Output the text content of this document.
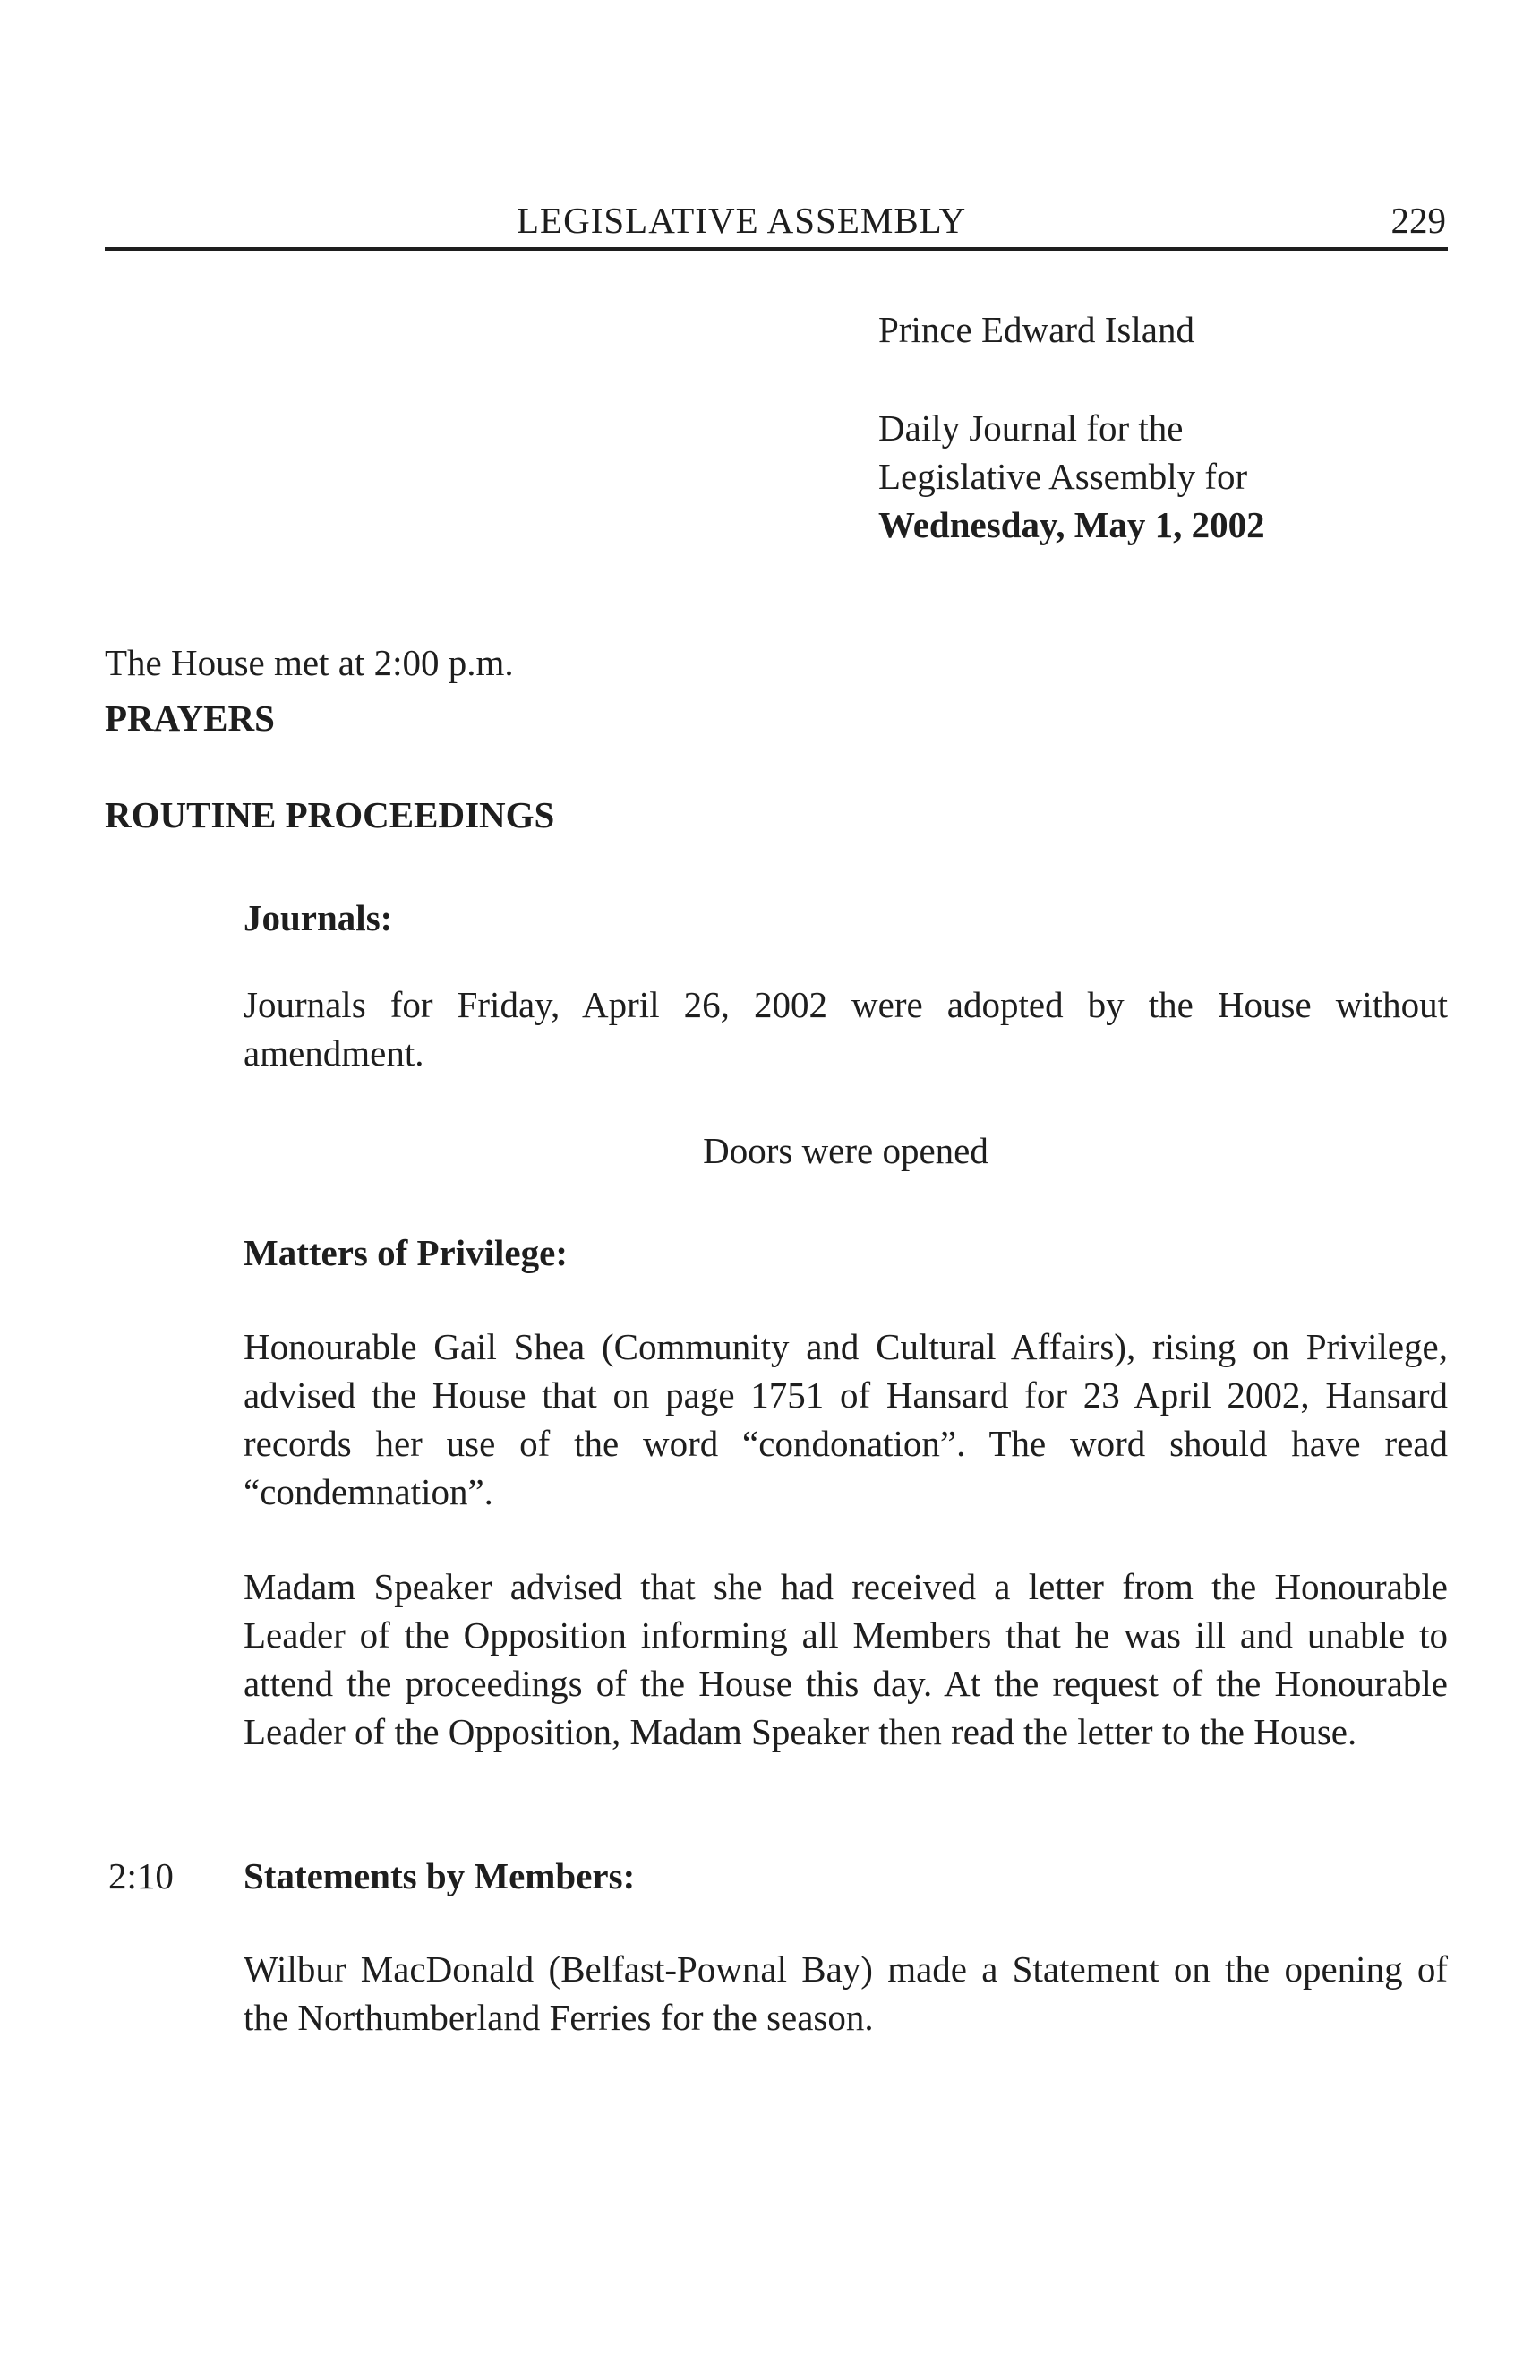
LEGISLATIVE ASSEMBLY	229

Prince Edward Island

Daily Journal for the

Legislative Assembly for

Wednesday, May 1, 2002

The House met at 2:00 p.m.

PRAYERS

ROUTINE PROCEEDINGS

Journals:

Journals for Friday, April 26, 2002 were adopted by the House without amendment.

Doors were opened

Matters of Privilege:

Honourable Gail Shea (Community and Cultural Affairs), rising on Privilege, advised the House that on page 1751 of Hansard for 23 April 2002, Hansard records her use of the word “condonation”. The word should have read “condemnation”.

Madam Speaker advised that she had received a letter from the Honourable Leader of the Opposition informing all Members that he was ill and unable to attend the proceedings of the House this day. At the request of the Honourable Leader of the Opposition, Madam Speaker then read the letter to the House.

2:10 Statements by Members:

Wilbur MacDonald (Belfast-Pownal Bay) made a Statement on the opening of the Northumberland Ferries for the season.
